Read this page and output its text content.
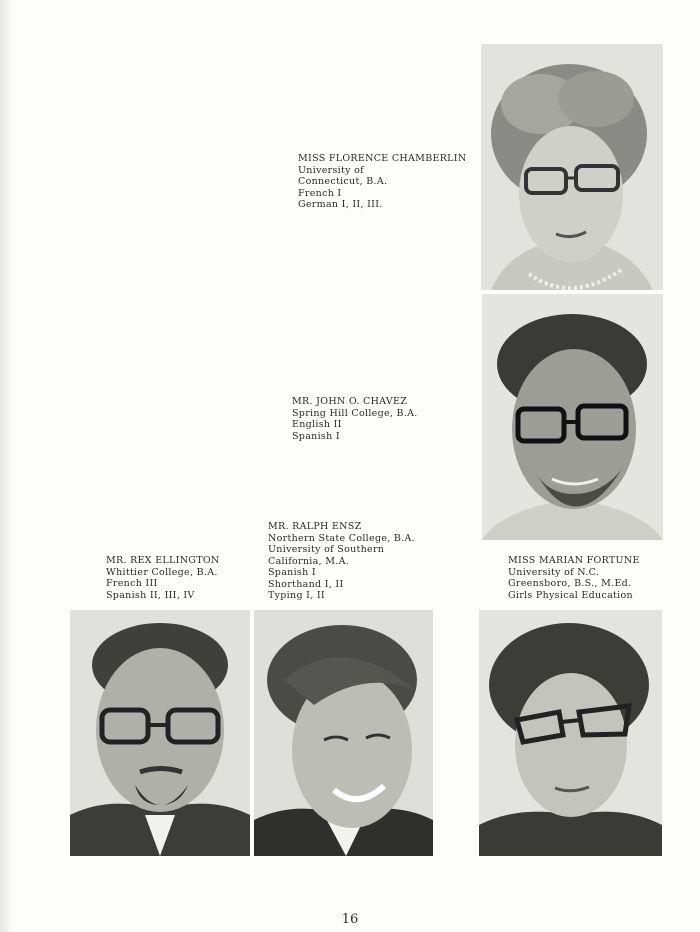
MISS FLORENCE CHAMBERLIN
University of
Connecticut, B.A.
French I
German I, II, III.
MR. JOHN O. CHAVEZ
Spring Hill College, B.A.
English II
Spanish I
MR. RALPH ENSZ
Northern State College, B.A.
University of Southern
California, M.A.
Spanish I
Shorthand I, II
Typing I, II
MR. REX ELLINGTON
Whittier College, B.A.
French III
Spanish II, III, IV
MISS MARIAN FORTUNE
University of N.C.
Greensboro, B.S., M.Ed.
Girls Physical Education
16
